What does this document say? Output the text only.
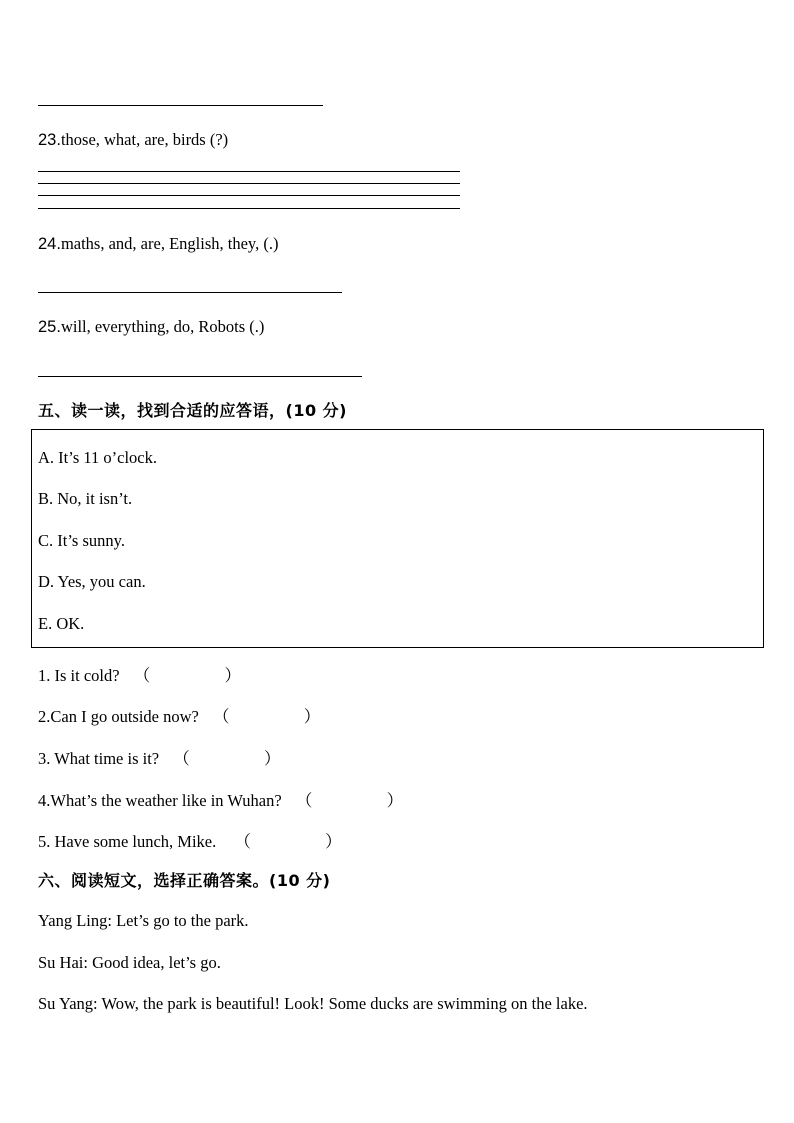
23.those, what, are, birds (?)
24.maths, and, are, English, they, (.)
25.will, everything, do, Robots (.)
五、读一读，找到合适的应答语，(10 分)
A. It’s 11 o’clock.
B. No, it isn’t.
C. It’s sunny.
D. Yes, you can.
E. OK.
1. Is it cold? （                  ）
2.Can I go outside now? （                  ）
3. What time is it? （                  ）
4.What’s the weather like in Wuhan? （                  ）
5. Have some lunch, Mike. （                  ）
六、阅读短文，选择正确答案。(10 分)
Yang Ling: Let’s go to the park.
Su Hai: Good idea, let’s go.
Su Yang: Wow, the park is beautiful! Look! Some ducks are swimming on the lake.
